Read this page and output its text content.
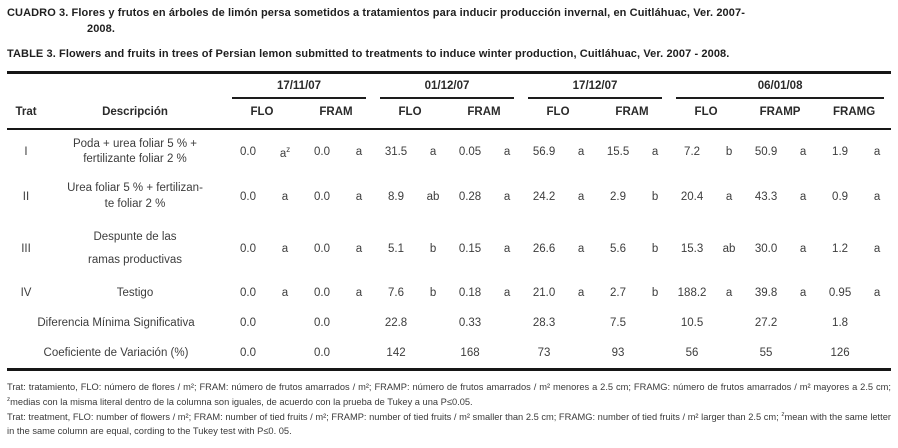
CUADRO 3. Flores y frutos en árboles de limón persa sometidos a tratamientos para inducir producción invernal, en Cuitláhuac, Ver. 2007-
2008.
TABLE 3. Flowers and fruits in trees of Persian lemon submitted to treatments to induce winter production, Cuitláhuac, Ver. 2007 - 2008.

		17/11/07				01/12/07				17/12/07				06/01/08					

Trat	Descripción	FLO		FRAM		FLO		FRAM		FLO		FRAM		FLO		FRAMP		FRAMG	
I	Poda + urea foliar 5 % +
fertilizante foliar 2 %	0.0	$a^z$	0.0	a	31.5	a	0.05	a	56.9	a	15.5	a	7.2	b	50.9	a	1.9	a
II	Urea foliar 5 % + fertilizan-
te foliar 2 %	0.0	a	0.0	a	8.9	ab	0.28	a	24.2	a	2.9	b	20.4	a	43.3	a	0.9	a
III	Despunte de las
ramas productivas	0.0	a	0.0	a	5.1	b	0.15	a	26.6	a	5.6	b	15.3	ab	30.0	a	1.2	a
IV	Testigo	0.0	a	0.0	a	7.6	b	0.18	a	21.0	a	2.7	b	188.2	a	39.8	a	0.95	a
Diferencia Mínima Significativa		0.0		0.0		22.8		0.33		28.3		7.5		10.5		27.2		1.8	
Coeficiente de Variación (%)		0.0		0.0		142		168		73		93		56		55		126	

Trat: tratamiento, FLO: número de flores / m²; FRAM: número de frutos amarrados / m²; FRAMP: número de frutos amarrados / m² menores a 2.5 cm; FRAMG: número de frutos amarrados / m² mayores a 2.5 cm; $^z$medias con la misma literal dentro de la columna son iguales, de acuerdo con la prueba de Tukey a una P≤0.05.

Trat: treatment, FLO: number of flowers / m²; FRAM: number of tied fruits / m²; FRAMP: number of tied fruits / m² smaller than 2.5 cm; FRAMG: number of tied fruits / m² larger than 2.5 cm; $^z$mean with the same letter in the same column are equal, cording to the Tukey test with P≤0. 05.
